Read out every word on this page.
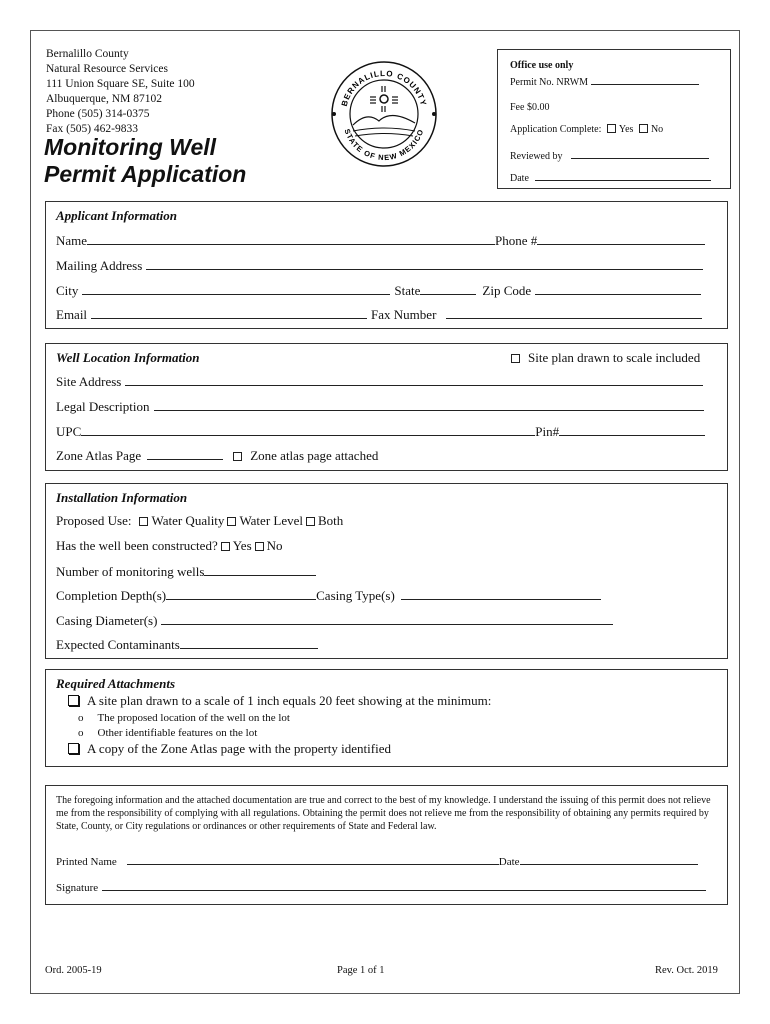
Bernalillo County
Natural Resource Services
111 Union Square SE, Suite 100
Albuquerque, NM 87102
Phone (505) 314-0375
Fax (505) 462-9833
Monitoring Well
Permit Application
BERNALILLO COUNTY
STATE OF NEW MEXICO
Office use only
Permit No. NRWM
Fee $0.00
Application Complete: Yes No
Reviewed by
Date
Applicant Information
Name	Phone #
Mailing Address
City	State	Zip Code
Email	Fax Number
Well Location Information	Site plan drawn to scale included
Site Address
Legal Description
UPC	Pin#
Zone Atlas Page	Zone atlas page attached
Installation Information
Proposed Use: Water Quality Water Level Both
Has the well been constructed? Yes No
Number of monitoring wells
Completion Depth(s)	Casing Type(s)
Casing Diameter(s)
Expected Contaminants
Required Attachments
A site plan drawn to a scale of 1 inch equals 20 feet showing at the minimum:
o The proposed location of the well on the lot
o Other identifiable features on the lot
A copy of the Zone Atlas page with the property identified
The foregoing information and the attached documentation are true and correct to the best of my knowledge. I understand the issuing of this permit does not relieve me from the responsibility of complying with all regulations. Obtaining the permit does not relieve me from the responsibility of obtaining any permits required by State, County, or City regulations or ordinances or other requirements of State and Federal law.
Printed Name	Date
Signature
Ord. 2005-19	Page 1 of 1	Rev. Oct. 2019
